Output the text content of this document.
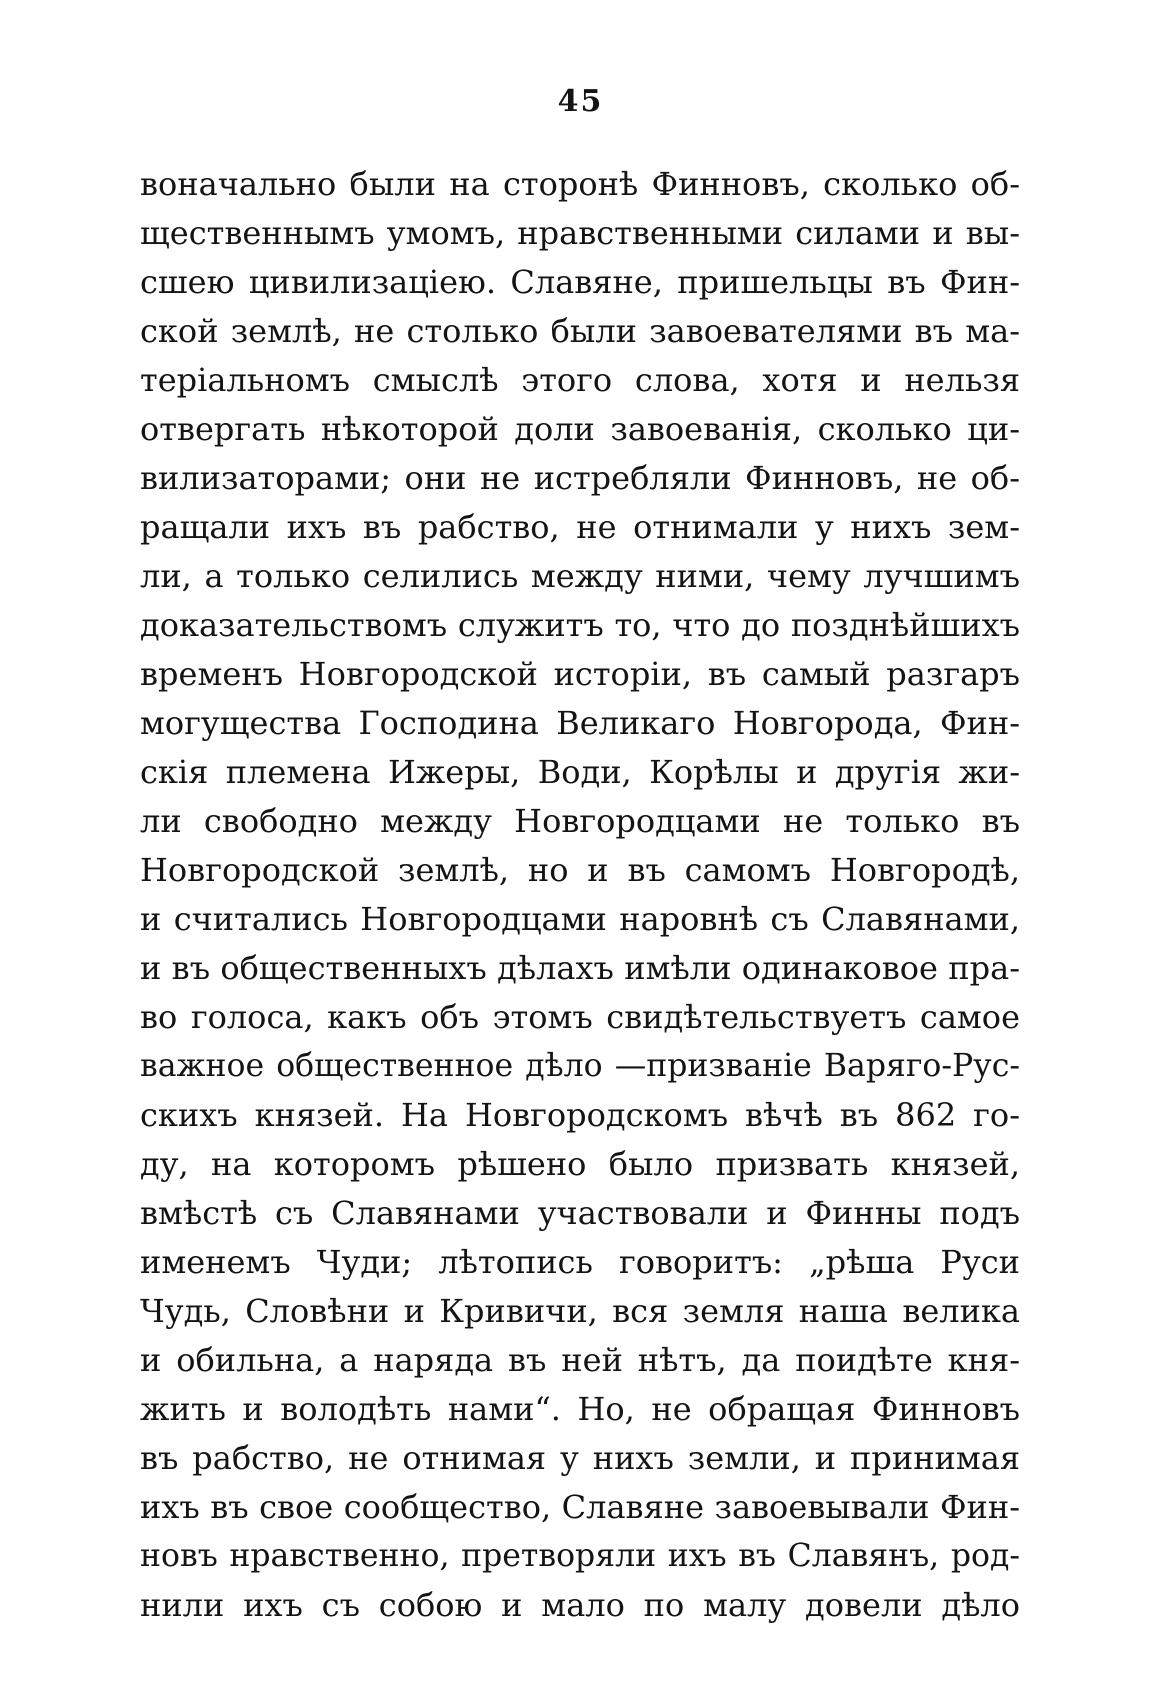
45
воначально были на сторонѣ Финновъ, сколько об-
щественнымъ умомъ, нравственными силами и вы-
сшею цивилизацiею. Славяне, пришельцы въ Фин-
ской землѣ, не столько были завоевателями въ ма-
терiальномъ смыслѣ этого слова, хотя и нельзя
отвергать нѣкоторой доли завоеванiя, сколько ци-
вилизаторами; они не истребляли Финновъ, не об-
ращали ихъ въ рабство, не отнимали у нихъ зем-
ли, а только селились между ними, чему лучшимъ
доказательствомъ служитъ то, что до позднѣйшихъ
временъ Новгородской исторiи, въ самый разгаръ
могущества Господина Великаго Новгорода, Фин-
скiя племена Ижеры, Води, Корѣлы и другiя жи-
ли свободно между Новгородцами не только въ
Новгородской землѣ, но и въ самомъ Новгородѣ,
и считались Новгородцами наровнѣ съ Славянами,
и въ общественныхъ дѣлахъ имѣли одинаковое пра-
во голоса, какъ объ этомъ свидѣтельствуетъ самое
важное общественное дѣло —призванiе Варяго-Рус-
скихъ князей. На Новгородскомъ вѣчѣ въ 862 го-
ду, на которомъ рѣшено было призвать князей,
вмѣстѣ съ Славянами участвовали и Финны подъ
именемъ Чуди; лѣтопись говоритъ: „рѣша Руси
Чудь, Словѣни и Кривичи, вся земля наша велика
и обильна, а наряда въ ней нѣтъ, да поидѣте кня-
жить и володѣть нами“. Но, не обращая Финновъ
въ рабство, не отнимая у нихъ земли, и принимая
ихъ въ свое сообщество, Славяне завоевывали Фин-
новъ нравственно, претворяли ихъ въ Славянъ, род-
нили ихъ съ собою и мало по малу довели дѣло
